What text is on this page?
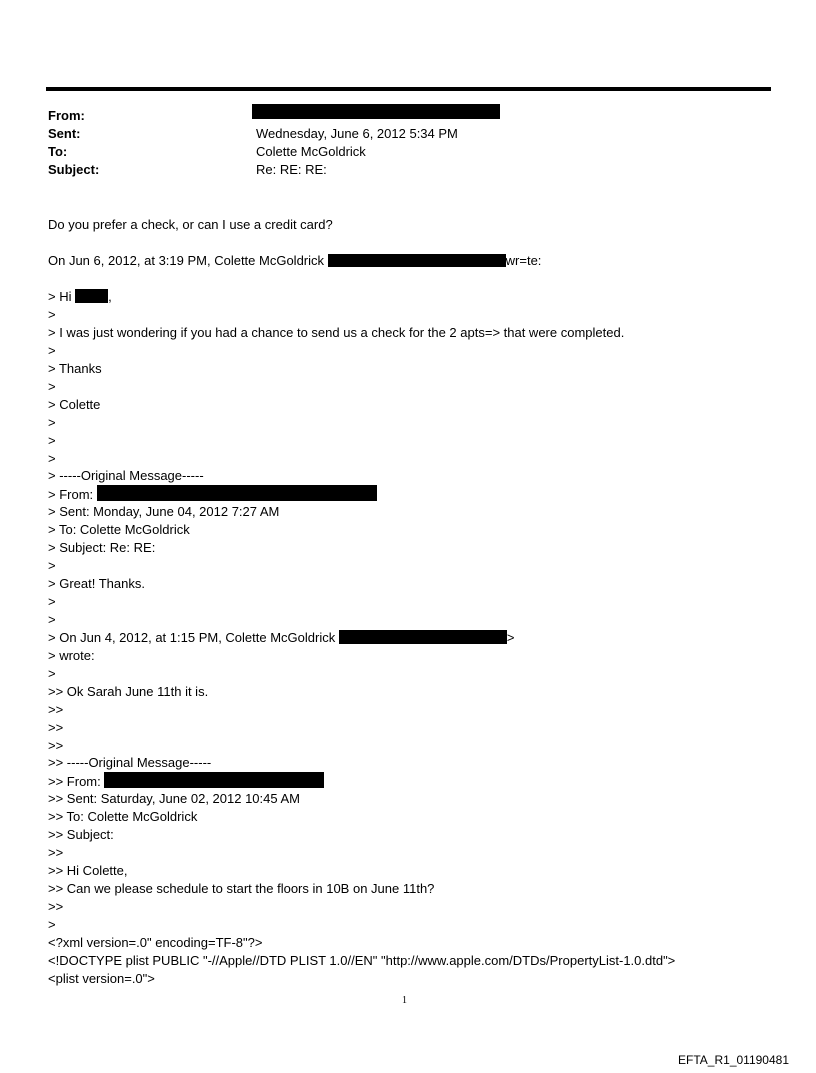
From:
Sent:	Wednesday, June 6, 2012 5:34 PM
To:	Colette McGoldrick
Subject:	Re: RE: RE:
Do you prefer a check, or can I use a credit card?
On Jun 6, 2012, at 3:19 PM, Colette McGoldrick	wr=te:
> Hi	,
>
> I was just wondering if you had a chance to send us a check for the 2 apts=> that were completed.
>
> Thanks
>
> Colette
>
>
>
> -----Original Message-----
> From:
> Sent: Monday, June 04, 2012 7:27 AM
> To: Colette McGoldrick
> Subject: Re: RE:
>
> Great! Thanks.
>
>
> On Jun 4, 2012, at 1:15 PM, Colette McGoldrick	>
> wrote:
>
>> Ok Sarah June 11th it is.
>>
>>
>>
>> -----Original Message-----
>> From:
>> Sent: Saturday, June 02, 2012 10:45 AM
>> To: Colette McGoldrick
>> Subject:
>>
>> Hi Colette,
>> Can we please schedule to start the floors in 10B on June 11th?
>>
>
<?xml version=.0" encoding=TF-8"?>
<!DOCTYPE plist PUBLIC "-//Apple//DTD PLIST 1.0//EN" "http://www.apple.com/DTDs/PropertyList-1.0.dtd">
<plist version=.0">
1
EFTA_R1_01190481
